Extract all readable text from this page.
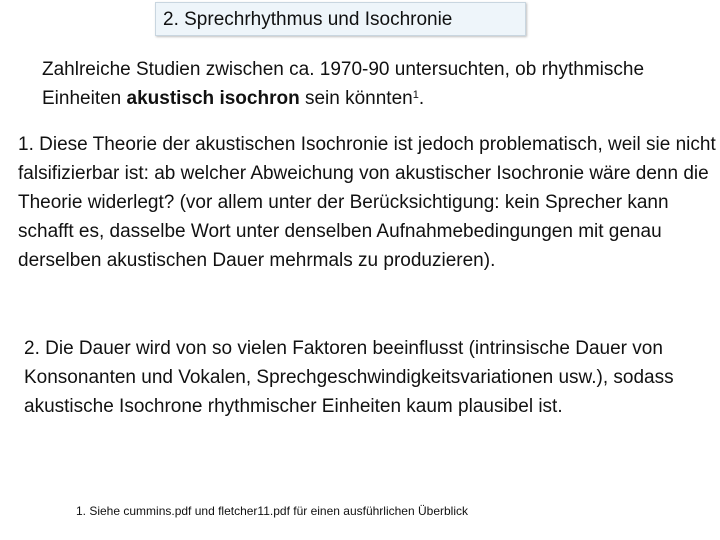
2. Sprechrhythmus und Isochronie
Zahlreiche Studien zwischen ca. 1970-90 untersuchten, ob rhythmische Einheiten akustisch isochron sein könnten$^1$.
1. Diese Theorie der akustischen Isochronie ist jedoch problematisch, weil sie nicht falsifizierbar ist: ab welcher Abweichung von akustischer Isochronie wäre denn die Theorie widerlegt? (vor allem unter der Berücksichtigung: kein Sprecher kann schafft es, dasselbe Wort unter denselben Aufnahmebedingungen mit genau derselben akustischen Dauer mehrmals zu produzieren).
2. Die Dauer wird von so vielen Faktoren beeinflusst (intrinsische Dauer von Konsonanten und Vokalen, Sprechgeschwindigkeitsvariationen usw.), sodass akustische Isochrone rhythmischer Einheiten kaum plausibel ist.
1. Siehe cummins.pdf und fletcher11.pdf für einen ausführlichen Überblick
